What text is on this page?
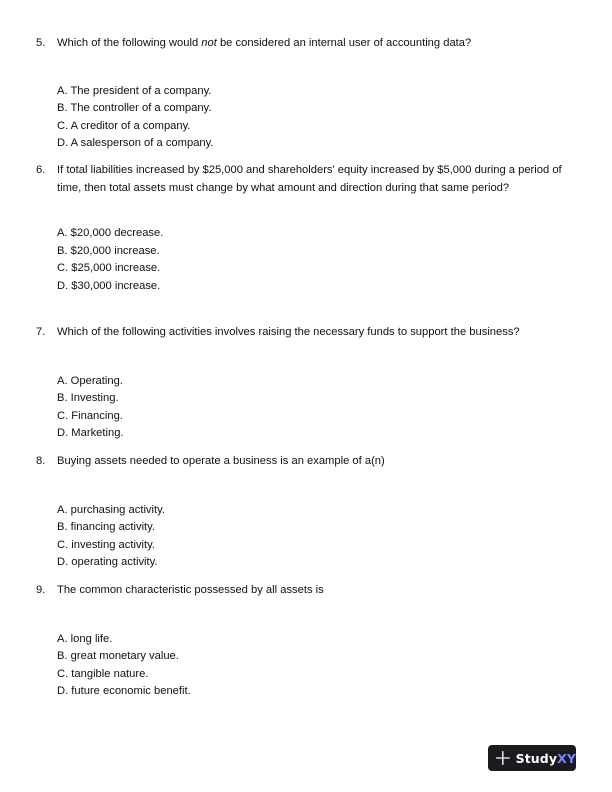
5.	Which of the following would not be considered an internal user of accounting data?
A. The president of a company.
B. The controller of a company.
C. A creditor of a company.
D. A salesperson of a company.
6.	If total liabilities increased by $25,000 and shareholders' equity increased by $5,000 during a period of time, then total assets must change by what amount and direction during that same period?
A. $20,000 decrease.
B. $20,000 increase.
C. $25,000 increase.
D. $30,000 increase.
7.	Which of the following activities involves raising the necessary funds to support the business?
A. Operating.
B. Investing.
C. Financing.
D. Marketing.
8.	Buying assets needed to operate a business is an example of a(n)
A. purchasing activity.
B. financing activity.
C. investing activity.
D. operating activity.
9.	The common characteristic possessed by all assets is
A. long life.
B. great monetary value.
C. tangible nature.
D. future economic benefit.
StudyXY
